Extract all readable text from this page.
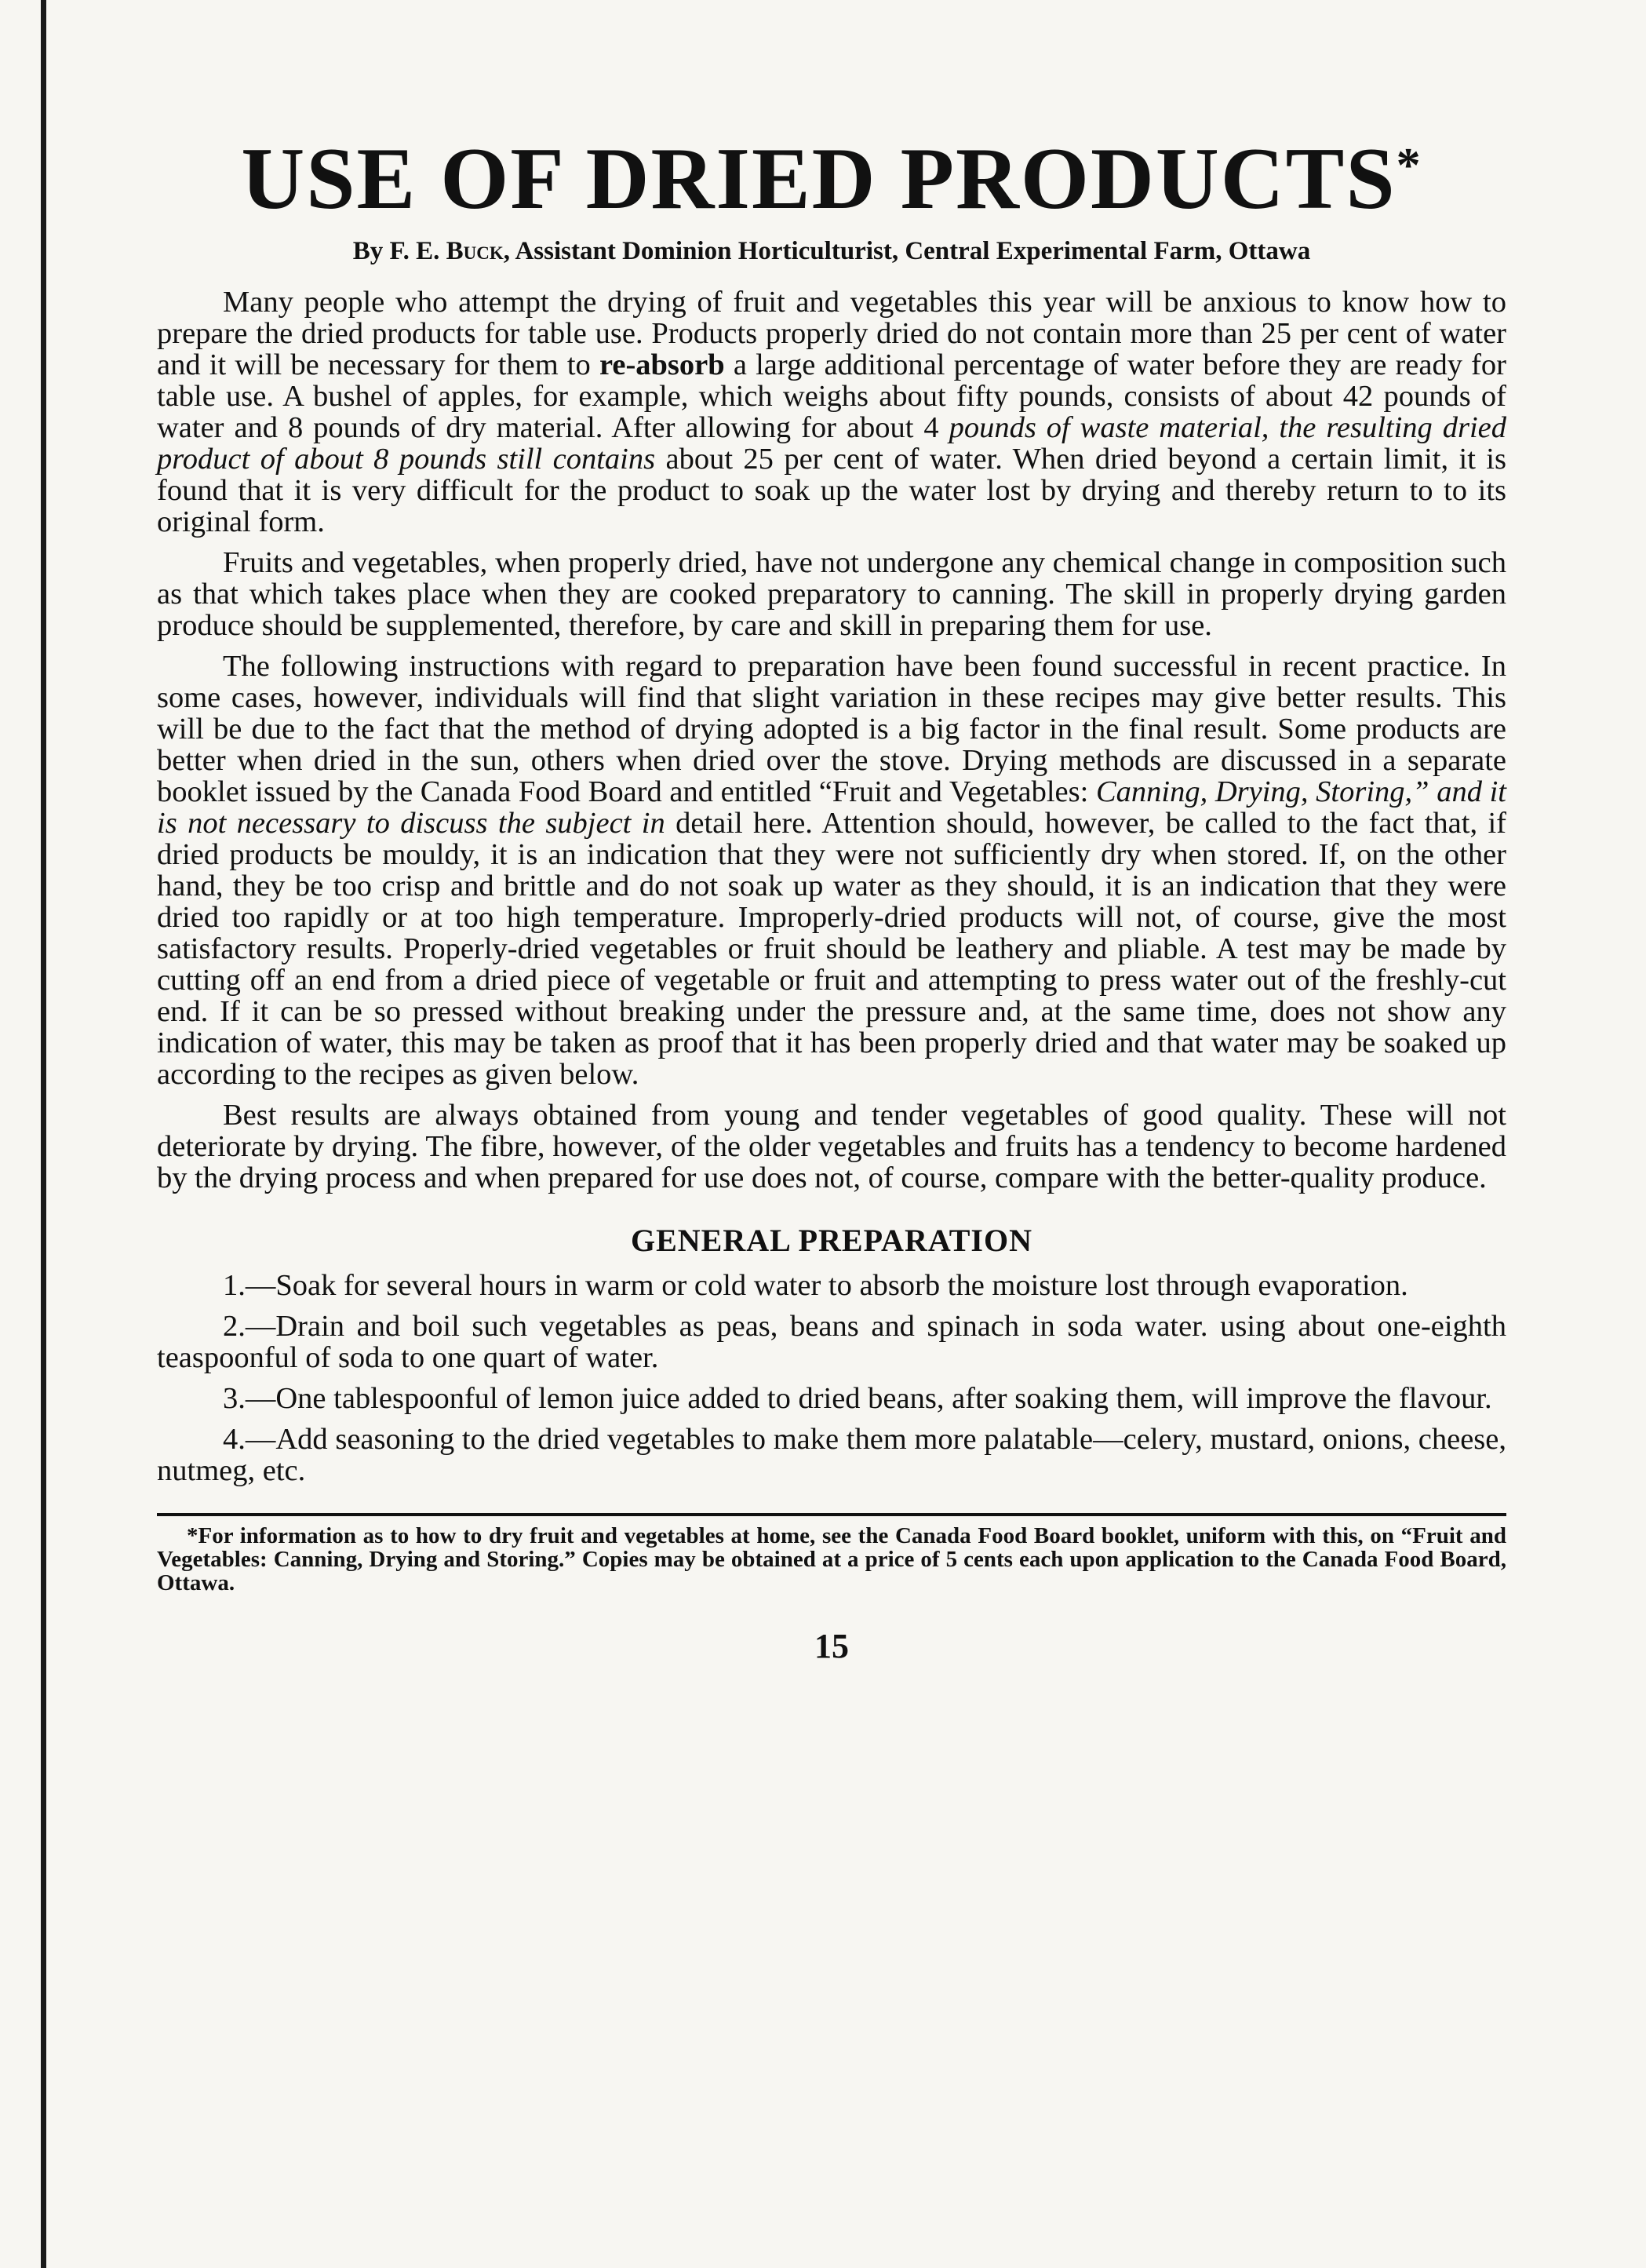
USE OF DRIED PRODUCTS*
By F. E. Buck, Assistant Dominion Horticulturist, Central Experimental Farm, Ottawa

Many people who attempt the drying of fruit and vegetables this year will be anxious to know how to prepare the dried products for table use. Products properly dried do not contain more than 25 per cent of water and it will be necessary for them to re-absorb a large additional percentage of water before they are ready for table use. A bushel of apples, for example, which weighs about fifty pounds, consists of about 42 pounds of water and 8 pounds of dry material. After allowing for about 4 pounds of waste material, the resulting dried product of about 8 pounds still contains about 25 per cent of water. When dried beyond a certain limit, it is found that it is very difficult for the product to soak up the water lost by drying and thereby return to to its original form.

Fruits and vegetables, when properly dried, have not undergone any chemical change in composition such as that which takes place when they are cooked preparatory to canning. The skill in properly drying garden produce should be supplemented, therefore, by care and skill in preparing them for use.

The following instructions with regard to preparation have been found successful in recent practice. In some cases, however, individuals will find that slight variation in these recipes may give better results. This will be due to the fact that the method of drying adopted is a big factor in the final result. Some products are better when dried in the sun, others when dried over the stove. Drying methods are discussed in a separate booklet issued by the Canada Food Board and entitled “Fruit and Vegetables: Canning, Drying, Storing,” and it is not necessary to discuss the subject in detail here. Attention should, however, be called to the fact that, if dried products be mouldy, it is an indication that they were not sufficiently dry when stored. If, on the other hand, they be too crisp and brittle and do not soak up water as they should, it is an indication that they were dried too rapidly or at too high temperature. Improperly-dried products will not, of course, give the most satisfactory results. Properly-dried vegetables or fruit should be leathery and pliable. A test may be made by cutting off an end from a dried piece of vegetable or fruit and attempting to press water out of the freshly-cut end. If it can be so pressed without breaking under the pressure and, at the same time, does not show any indication of water, this may be taken as proof that it has been properly dried and that water may be soaked up according to the recipes as given below.

Best results are always obtained from young and tender vegetables of good quality. These will not deteriorate by drying. The fibre, however, of the older vegetables and fruits has a tendency to become hardened by the drying process and when prepared for use does not, of course, compare with the better-quality produce.

GENERAL PREPARATION

1.—Soak for several hours in warm or cold water to absorb the moisture lost through evaporation.

2.—Drain and boil such vegetables as peas, beans and spinach in soda water. using about one-eighth teaspoonful of soda to one quart of water.

3.—One tablespoonful of lemon juice added to dried beans, after soaking them, will improve the flavour.

4.—Add seasoning to the dried vegetables to make them more palatable—celery, mustard, onions, cheese, nutmeg, etc.

*For information as to how to dry fruit and vegetables at home, see the Canada Food Board booklet, uniform with this, on “Fruit and Vegetables: Canning, Drying and Storing.” Copies may be obtained at a price of 5 cents each upon application to the Canada Food Board, Ottawa.

15
